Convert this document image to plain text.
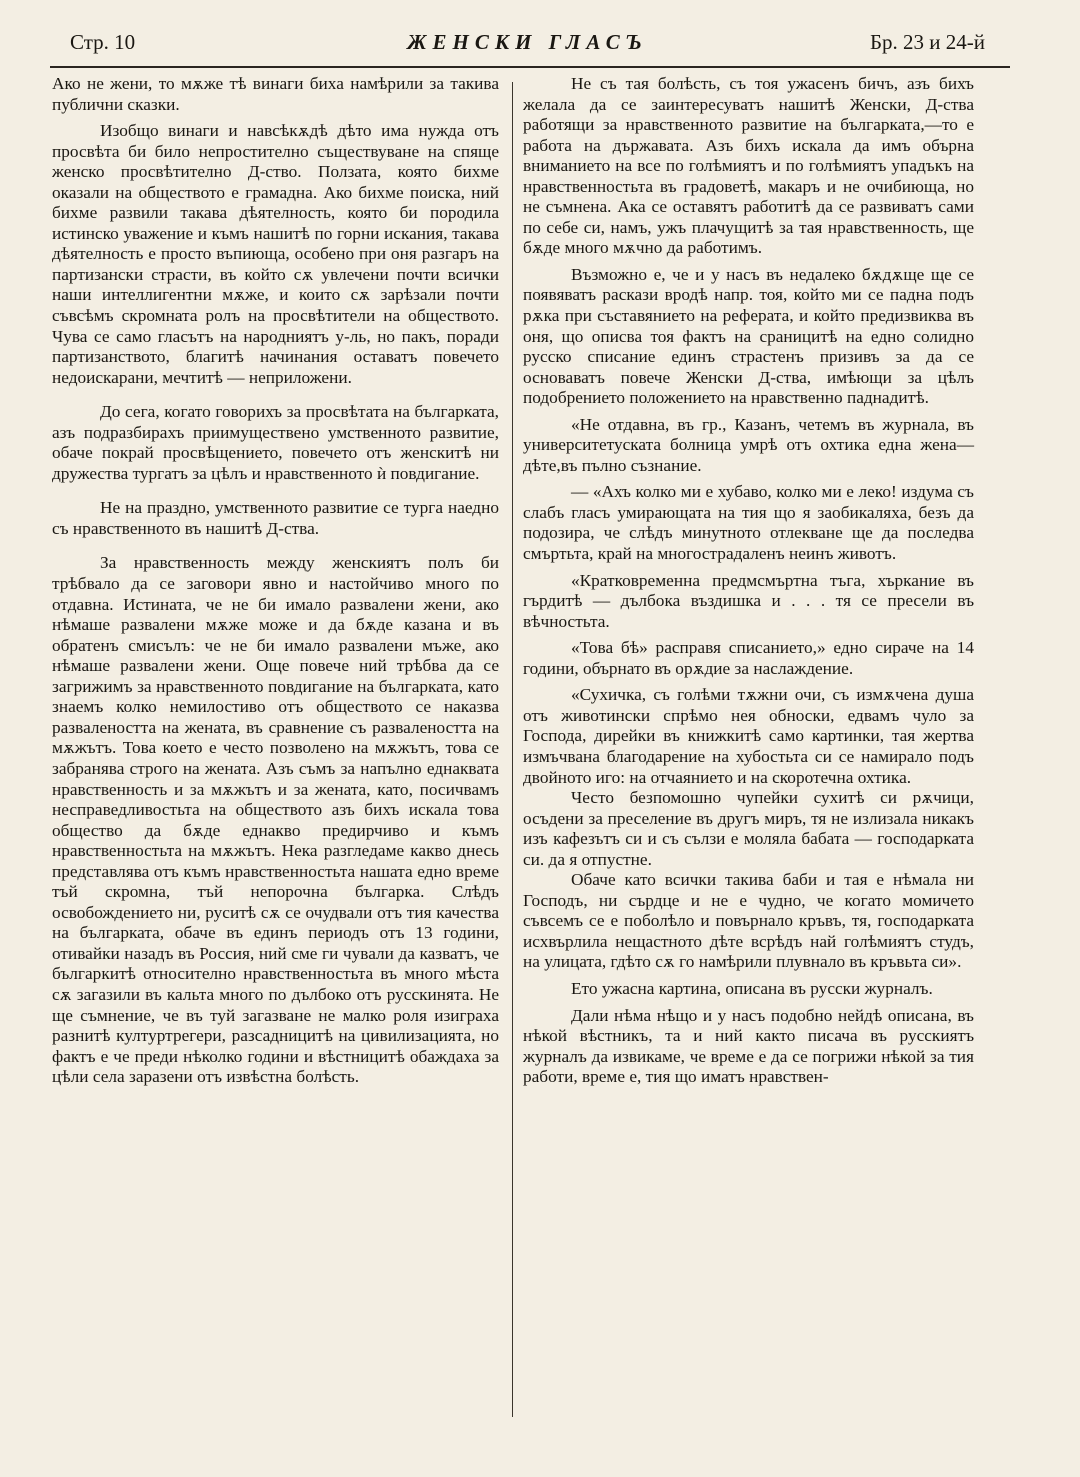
Стр. 10	ЖЕНСКИ ГЛАСЪ	Бр. 23 и 24-й

Ако не жени, то мѫже тѣ винаги биха намѣрили за такива публични сказки.

Изобщо винаги и навсѣкѫдѣ дѣто има нужда отъ просвѣта би било непростително съществуване на спяще женско просвѣтително Д-ство. Ползата, която бихме оказали на обществото е грамадна. Ако бихме поиска, ний бихме развили такава дѣятелность, която би породила истинско уважение и къмъ нашитѣ по горни искания, такава дѣятелность е просто въпиюща, особено при оня разгаръ на партизански страсти, въ който сѫ увлечени почти всички наши интеллигентни мѫже, и които сѫ зарѣзали почти съвсѣмъ скромната ролъ на просвѣтители на обществото. Чува се само гласътъ на народниятъ у-ль, но пакъ, поради партизанството, благитѣ начинания оставатъ повечето недоискарани, мечтитѣ — неприложени.

До сега, когато говорихъ за просвѣтата на българката, азъ подразбирахъ приимуществено умственното развитие, обаче покрай просвѣщението, повечето отъ женскитѣ ни дружества тургатъ за цѣлъ и нравственното ѝ повдигание.

Не на праздно, умственното развитие се турга наедно съ нравственното въ нашитѣ Д-ства.

За нравственность между женскиятъ полъ би трѣбвало да се заговори явно и настойчиво много по отдавна. Истината, че не би имало развалени жени, ако нѣмаше развалени мѫже може и да бѫде казана и въ обратенъ смисълъ: че не би имало развалени мъже, ако нѣмаше развалени жени. Още повече ний трѣбва да се загрижимъ за нравственното повдигание на българката, като знаемъ колко немилостиво отъ обществото се наказва развалеността на жената, въ сравнение съ развалеността на мѫжътъ. Това което е често позволено на мѫжътъ, това се забранява строго на жената. Азъ съмъ за напълно еднаквата нравственность и за мѫжътъ и за жената, като, посичвамъ несправедливостьта на обществото азъ бихъ искала това общество да бѫде еднакво предирчиво и къмъ нравственностьта на мѫжътъ. Нека разгледаме какво днесь представлява отъ къмъ нравственностьта нашата едно време тъй скромна, тъй непорочна българка. Слѣдъ освобождението ни, руситѣ сѫ се очудвали отъ тия качества на българката, обаче въ единъ периодъ отъ 13 години, отивайки назадъ въ Россия, ний сме ги чували да казватъ, че българкитѣ относително нравственностьта въ много мѣста сѫ загазили въ кальта много по дълбоко отъ русскинята. Не ще съмнение, че въ туй загазване не малко роля изиграха разнитѣ културтрегери, разсадницитѣ на цивилизацията, но фактъ е че преди нѣколко години и вѣстницитѣ обаждаха за цѣли села заразени отъ извѣстна болѣсть.

Не съ тая болѣсть, съ тоя ужасенъ бичъ, азъ бихъ желала да се заинтересуватъ нашитѣ Женски, Д-ства работящи за нравственното развитие на българката,—то е работа на държавата. Азъ бихъ искала да имъ обърна вниманието на все по голѣмиятъ и по голѣмиятъ упадъкъ на нравственностьта въ градоветѣ, макаръ и не очибиюща, но не съмнена. Ака се оставятъ работитѣ да се развиватъ сами по себе си, намъ, ужъ плачущитѣ за тая нравственность, ще бѫде много мѫчно да работимъ.

Възможно е, че и у насъ въ недалеко бѫдѫще ще се появяватъ раскази вродѣ напр. тоя, който ми се падна подъ рѫка при съставянието на реферата, и който предизвиква въ оня, що описва тоя фактъ на сраницитѣ на едно солидно русско списание единъ страстенъ призивъ за да се основаватъ повече Женски Д-ства, имѣющи за цѣлъ подобрението положението на нравственно паднадитѣ.

«Не отдавна, въ гр., Казанъ, четемъ въ журнала, въ университетуската болница умрѣ отъ охтика една жена—дѣте,въ пълно съзнание.

— «Ахъ колко ми е хубаво, колко ми е леко! издума съ слабъ гласъ умирающата на тия що я заобикаляха, безъ да подозира, че слѣдъ минутното отлекване ще да последва смъртьта, край на многострадаленъ неинъ животъ.

«Кратковременна предмсмъртна тъга, хъркание въ гърдитѣ — дълбока въздишка и . . . тя се пресели въ вѣчностьта.

«Това бѣ» расправя списанието,» едно сираче на 14 години, обърнато въ орѫдие за наслаждение.

«Сухичка, съ голѣми тѫжни очи, съ измѫчена душа отъ животински спрѣмо нея обноски, едвамъ чуло за Господа, дирейки въ книжкитѣ само картинки, тая жертва измъчвана благодарение на хубостьта си се намирало подъ двойното иго: на отчаянието и на скоротечна охтика.

Често безпомошно чупейки сухитѣ си рѫчици, осъдени за преселение въ другъ миръ, тя не излизала никакъ изъ кафезътъ си и съ сълзи е молялa бабата — господарката си. да я отпустне.

Обаче като всички такива баби и тая е нѣмала ни Господъ, ни сърдце и не е чудно, че когато момичето съвсемъ се е поболѣло и повърнало кръвъ, тя, господарката исхвърлила нещастното дѣте всрѣдъ най голѣмиятъ студъ, на улицата, гдѣто сѫ го намѣрили плувнало въ кръвьта си».

Ето ужасна картина, описана въ русски журналъ.

Дали нѣма нѣщо и у насъ подобно нейдѣ описана, въ нѣкой вѣстникъ, та и ний както писача въ русскиятъ журналъ да извикаме, че време е да се погрижи нѣкой за тия работи, време е, тия що иматъ нравствен-
